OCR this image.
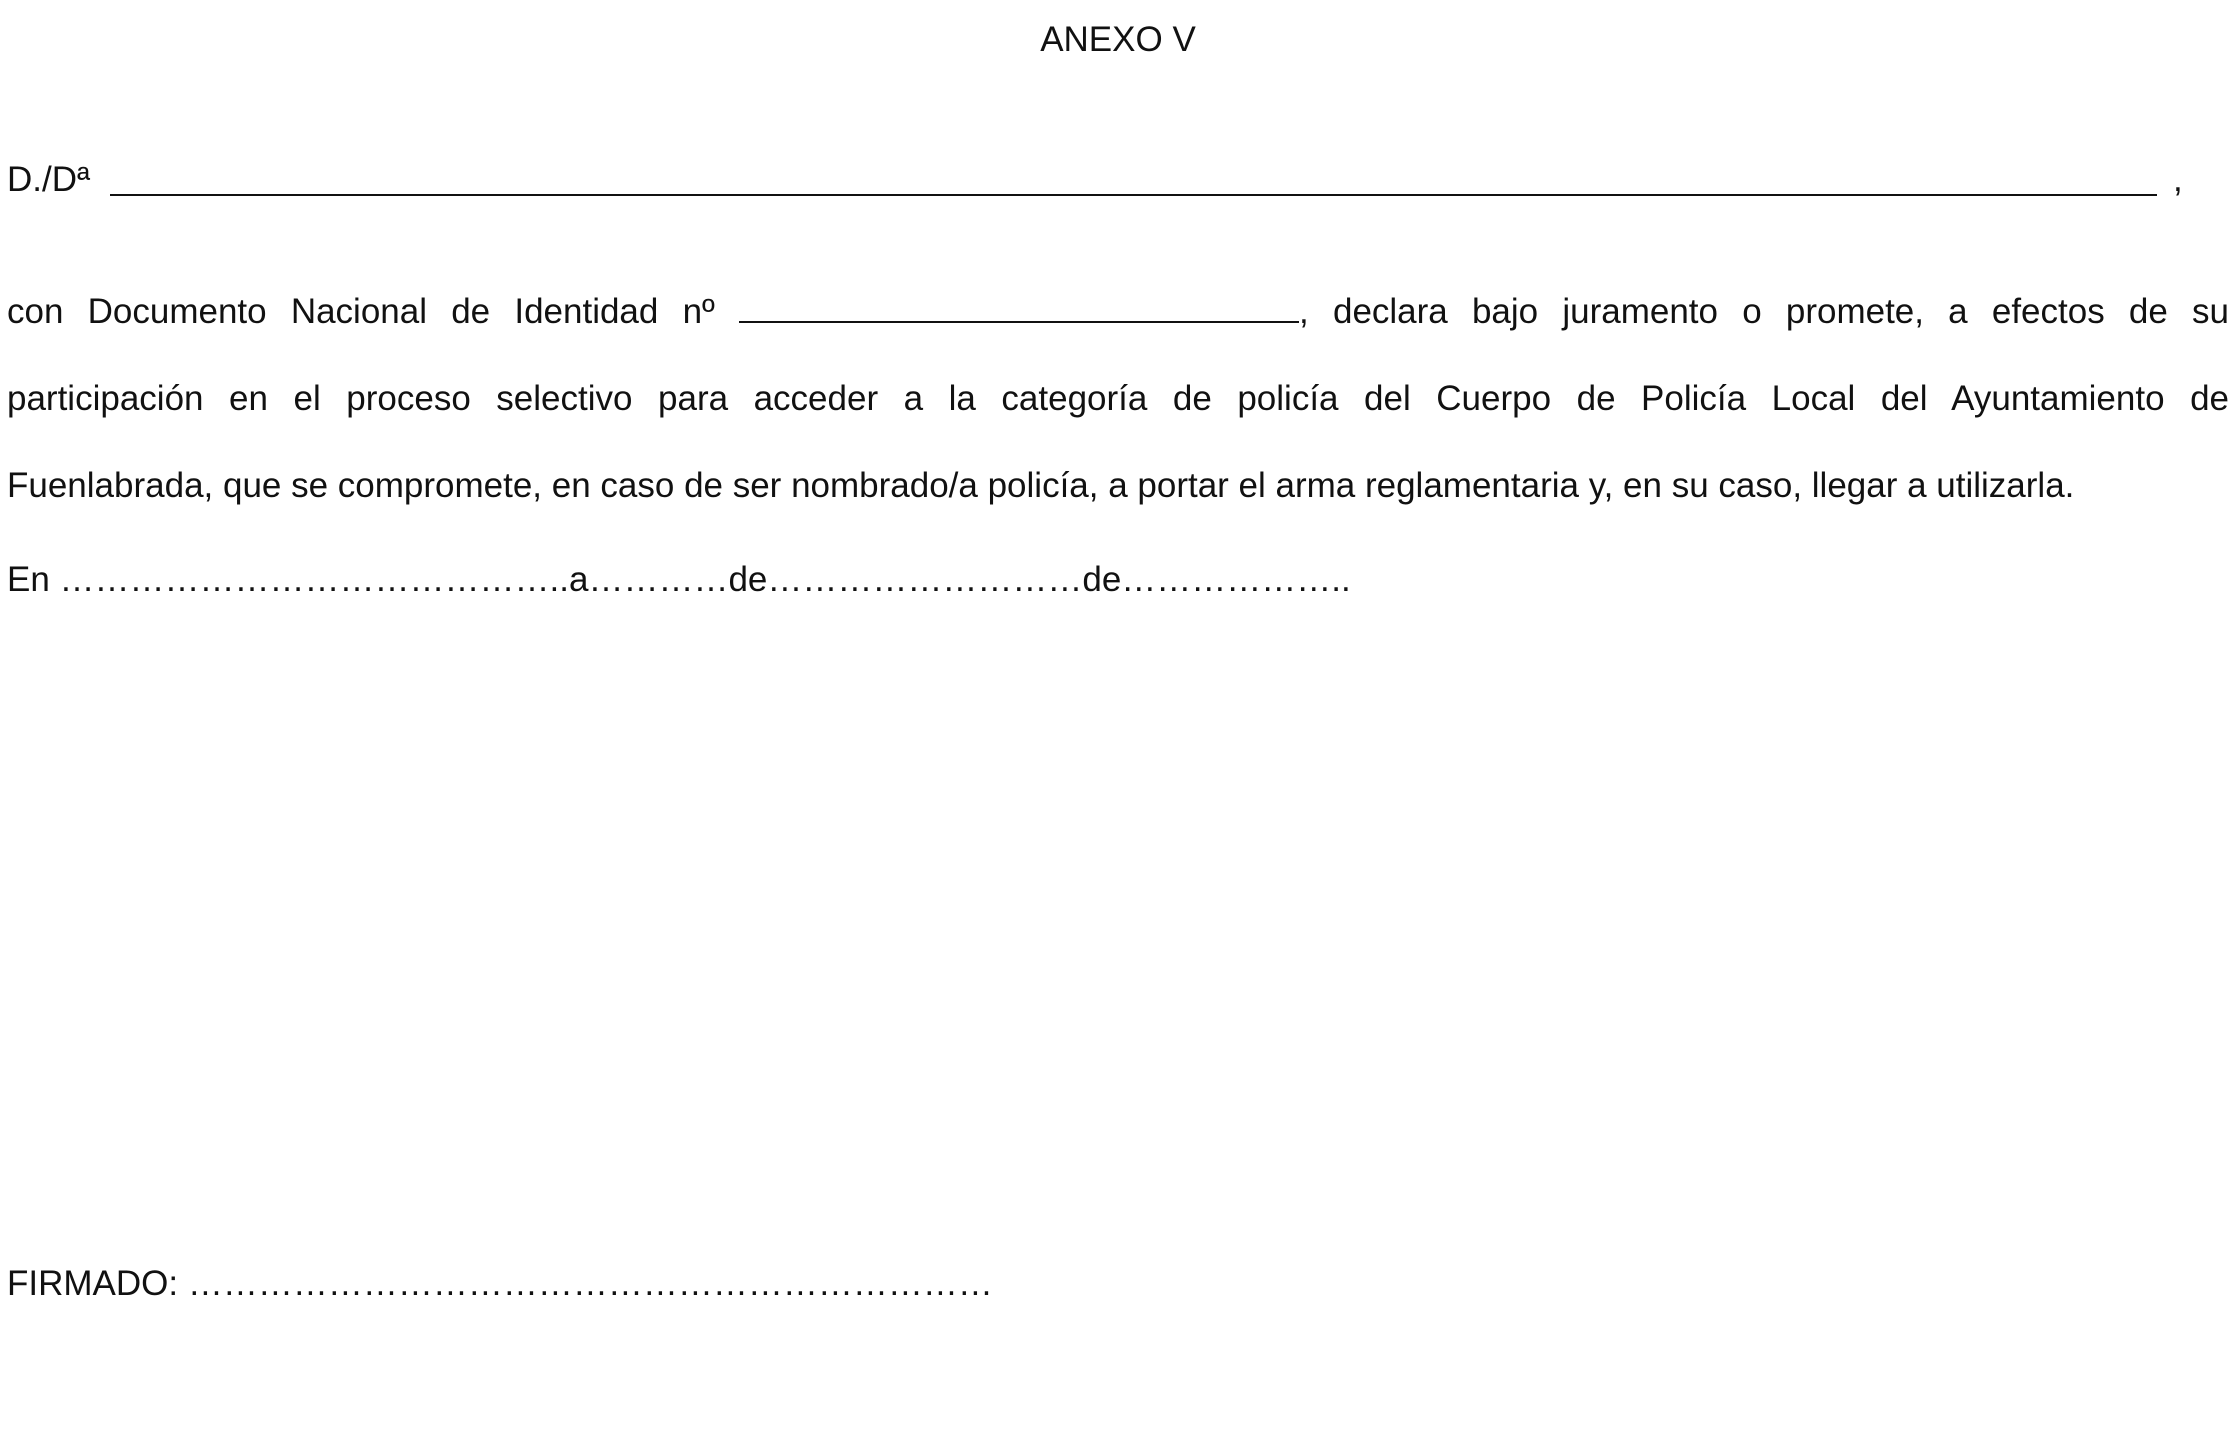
ANEXO V
D./Dª	,
con Documento Nacional de Identidad nº	, declara bajo juramento o promete, a efectos de su
participación en el proceso selectivo para acceder a la categoría de policía del Cuerpo de Policía Local del Ayuntamiento de
Fuenlabrada, que se compromete, en caso de ser nombrado/a policía, a portar el arma reglamentaria y, en su caso, llegar a utilizarla.
En ……………………………………..a…………de………………………de………………..
FIRMADO: ……………………………………………………………
